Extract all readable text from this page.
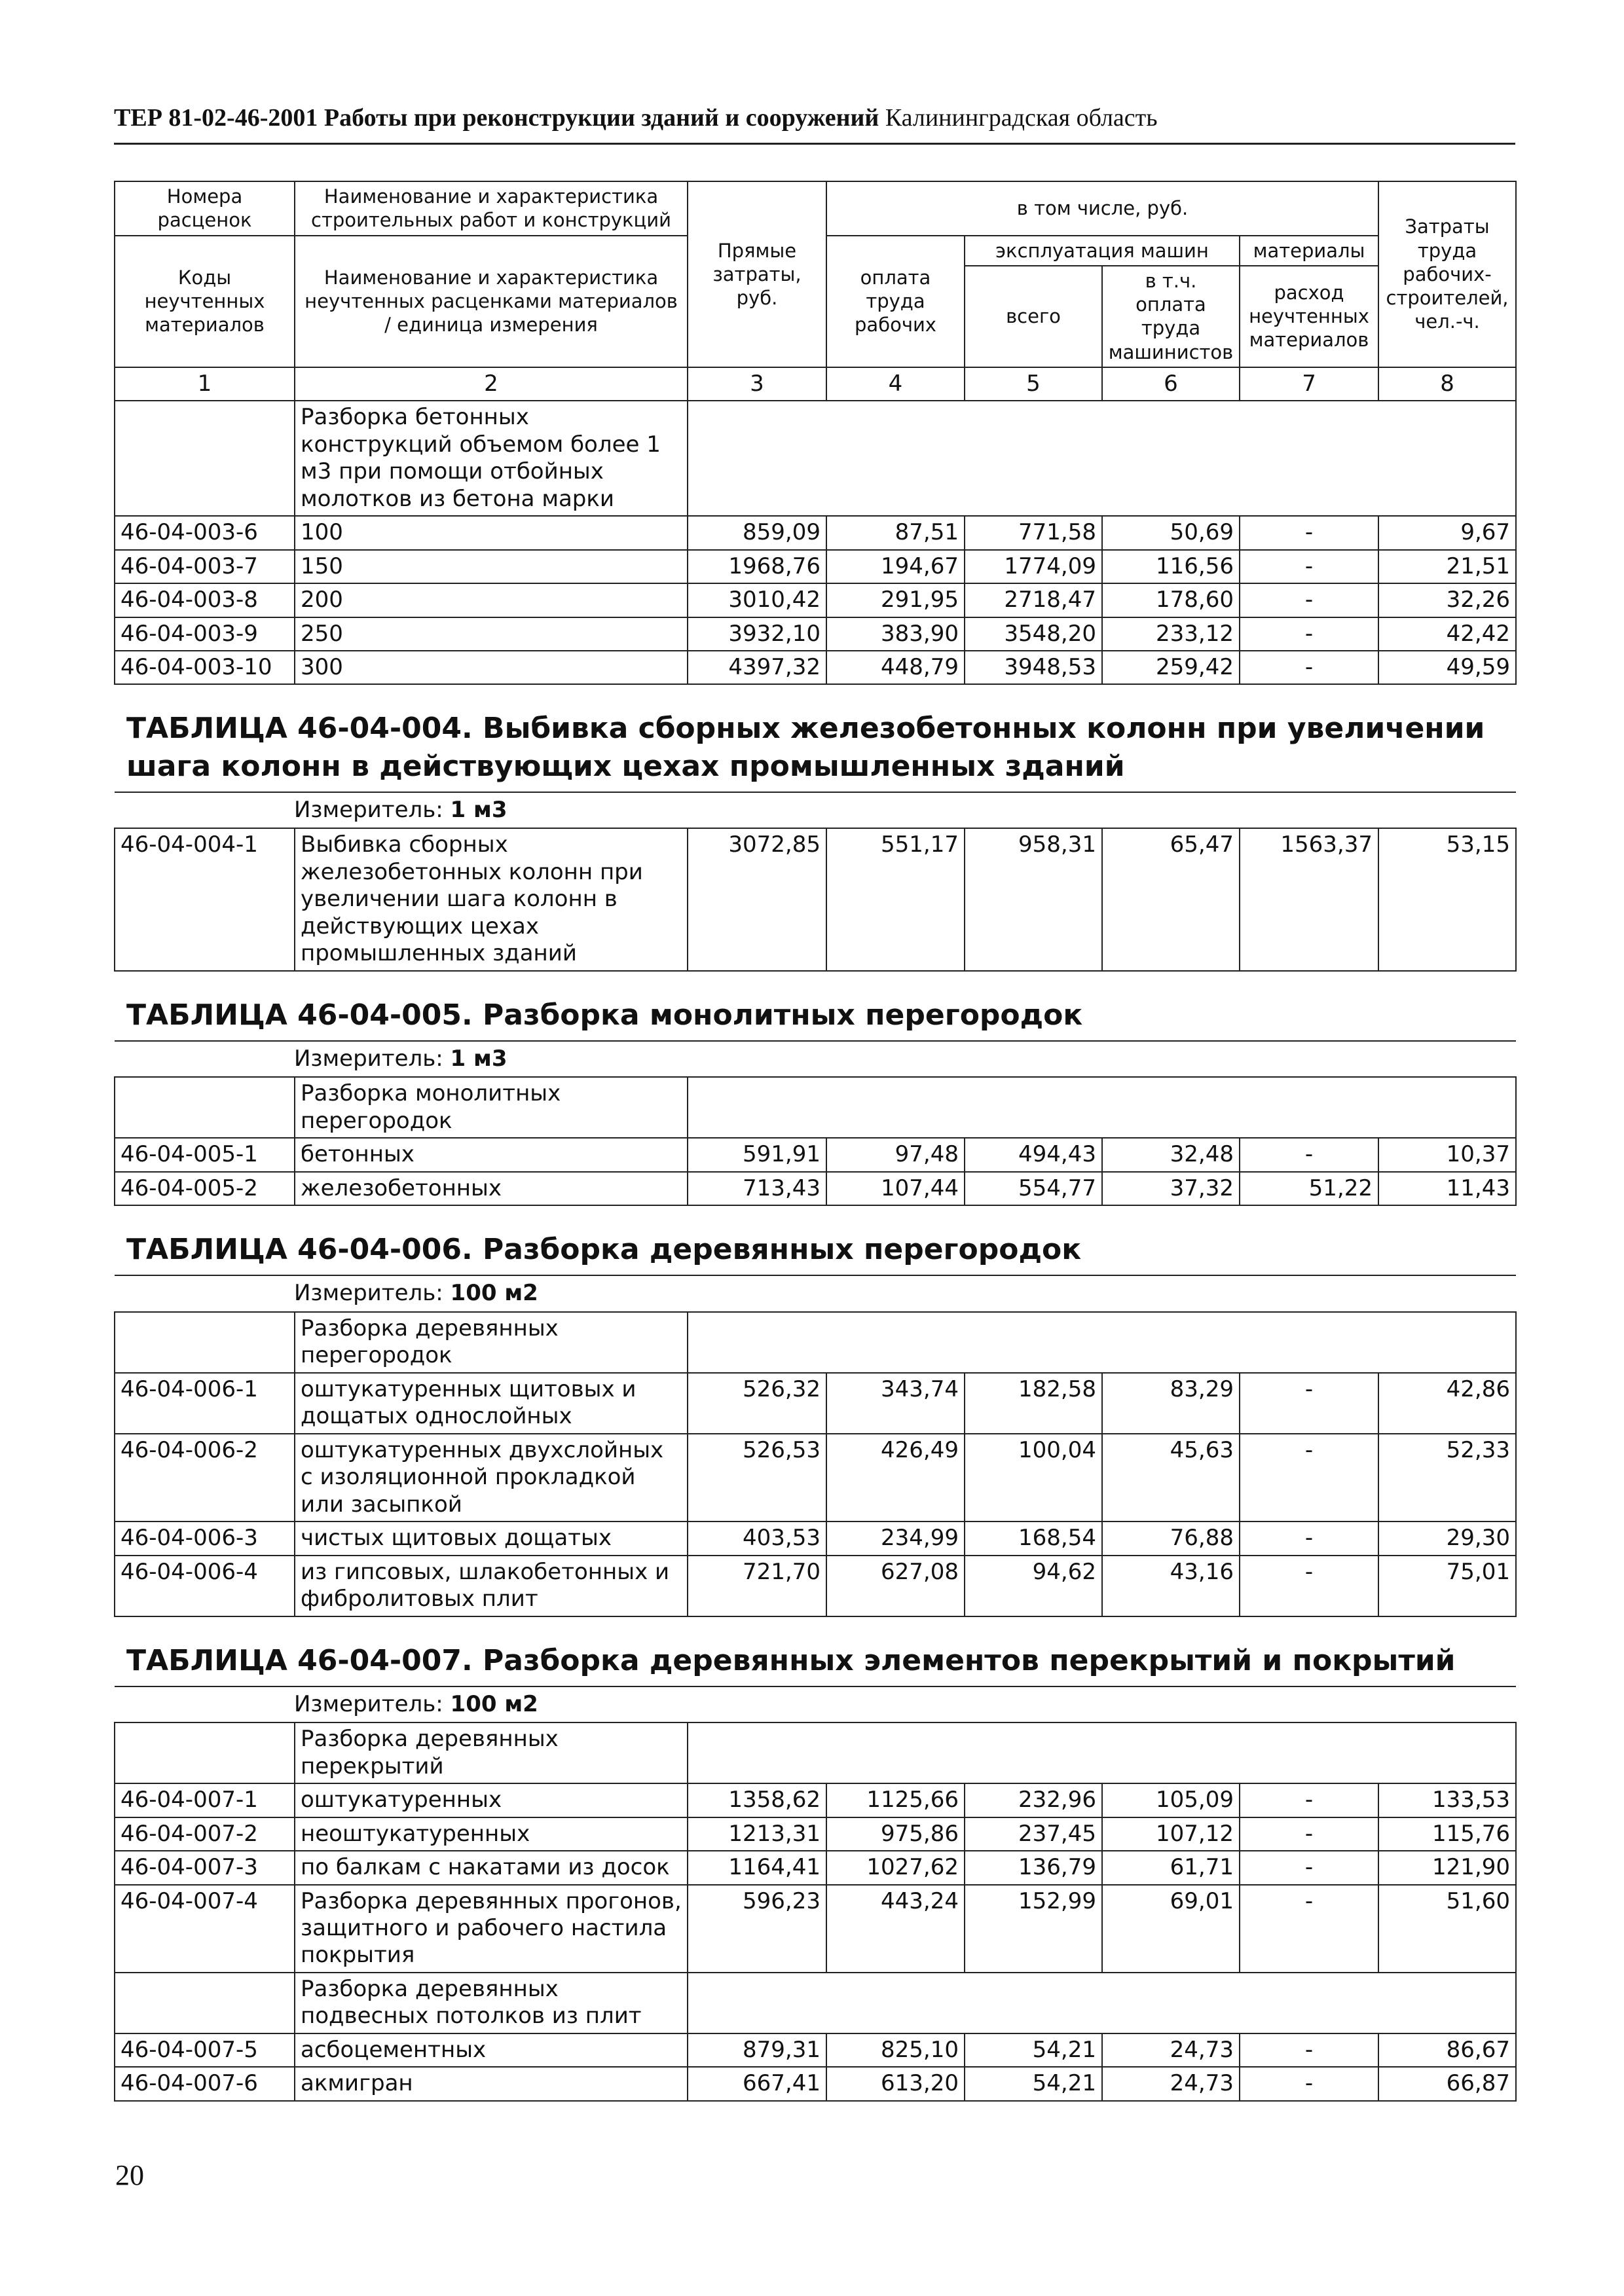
ТЕР 81-02-46-2001 Работы при реконструкции зданий и сооружений Калининградская область
Номера расценок	Наименование и характеристика строительных работ и конструкций	Прямые затраты, руб.	в том числе, руб.				Затраты труда рабочих-строителей, чел.-ч.
Коды неучтенных материалов	Наименование и характеристика неучтенных расценками материалов / единица измерения		оплата труда рабочих	эксплуатация машин		материалы	
				всего	в т.ч. оплата труда машинистов	расход неучтенных материалов	
1	2	3	4	5	6	7	8
	Разборка бетонных конструкций объемом более 1 м3 при помощи отбойных молотков из бетона марки						
46-04-003-6	100	859,09	87,51	771,58	50,69	-	9,67
46-04-003-7	150	1968,76	194,67	1774,09	116,56	-	21,51
46-04-003-8	200	3010,42	291,95	2718,47	178,60	-	32,26
46-04-003-9	250	3932,10	383,90	3548,20	233,12	-	42,42
46-04-003-10	300	4397,32	448,79	3948,53	259,42	-	49,59

ТАБЛИЦА 46-04-004. Выбивка сборных железобетонных колонн при увеличении шага колонн в действующих цехах промышленных зданий							

Измеритель: 1 м3							

46-04-004-1	Выбивка сборных железобетонных колонн при увеличении шага колонн в действующих цехах промышленных зданий	3072,85	551,17	958,31	65,47	1563,37	53,15

ТАБЛИЦА 46-04-005. Разборка монолитных перегородок							

Измеритель: 1 м3							

	Разборка монолитных перегородок						
46-04-005-1	бетонных	591,91	97,48	494,43	32,48	-	10,37
46-04-005-2	железобетонных	713,43	107,44	554,77	37,32	51,22	11,43

ТАБЛИЦА 46-04-006. Разборка деревянных перегородок							

Измеритель: 100 м2							

	Разборка деревянных перегородок						
46-04-006-1	оштукатуренных щитовых и дощатых однослойных	526,32	343,74	182,58	83,29	-	42,86
46-04-006-2	оштукатуренных двухслойных с изоляционной прокладкой или засыпкой	526,53	426,49	100,04	45,63	-	52,33
46-04-006-3	чистых щитовых дощатых	403,53	234,99	168,54	76,88	-	29,30
46-04-006-4	из гипсовых, шлакобетонных и фибролитовых плит	721,70	627,08	94,62	43,16	-	75,01

ТАБЛИЦА 46-04-007. Разборка деревянных элементов перекрытий и покрытий							

Измеритель: 100 м2							

	Разборка деревянных перекрытий						
46-04-007-1	оштукатуренных	1358,62	1125,66	232,96	105,09	-	133,53
46-04-007-2	неоштукатуренных	1213,31	975,86	237,45	107,12	-	115,76
46-04-007-3	по балкам с накатами из досок	1164,41	1027,62	136,79	61,71	-	121,90
46-04-007-4	Разборка деревянных прогонов, защитного и рабочего настила покрытия	596,23	443,24	152,99	69,01	-	51,60
	Разборка деревянных подвесных потолков из плит						
46-04-007-5	асбоцементных	879,31	825,10	54,21	24,73	-	86,67
46-04-007-6	акмигран	667,41	613,20	54,21	24,73	-	66,87
20
